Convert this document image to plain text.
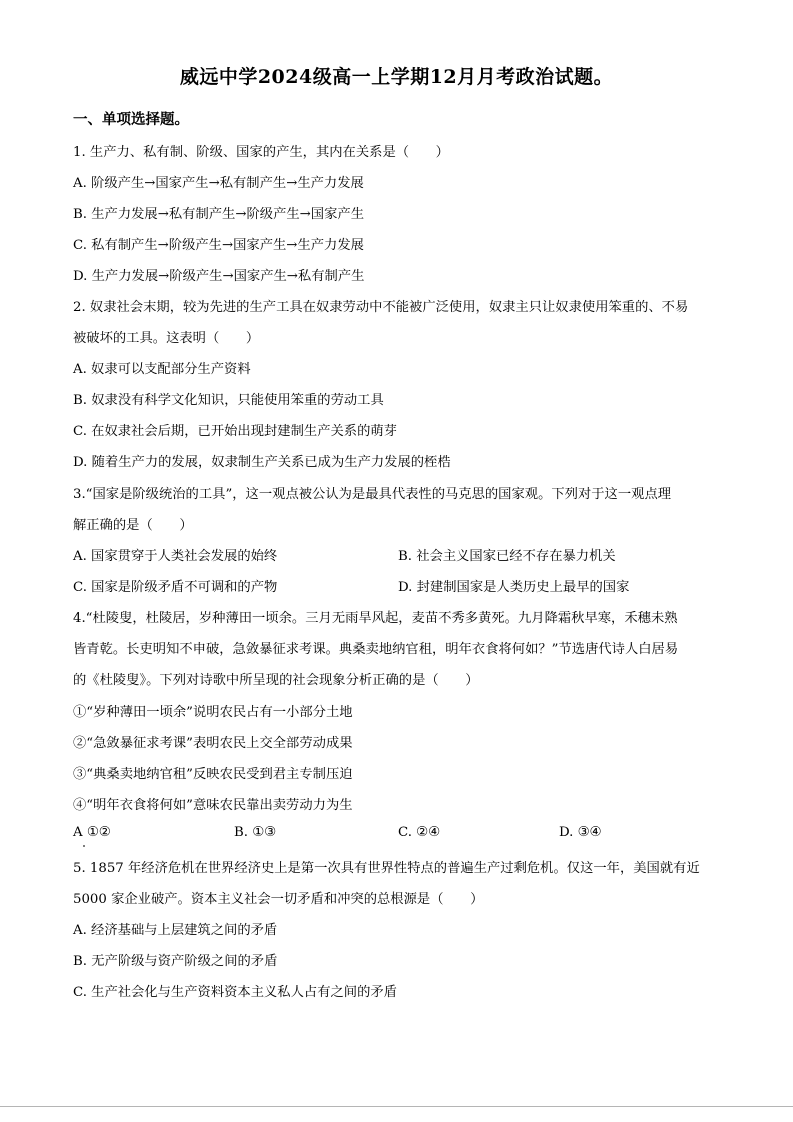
威远中学2024级高一上学期12月月考政治试题。
一、单项选择题。
1. 生产力、私有制、阶级、国家的产生，其内在关系是（　　）
A. 阶级产生→国家产生→私有制产生→生产力发展
B. 生产力发展→私有制产生→阶级产生→国家产生
C. 私有制产生→阶级产生→国家产生→生产力发展
D. 生产力发展→阶级产生→国家产生→私有制产生
2. 奴隶社会末期，较为先进的生产工具在奴隶劳动中不能被广泛使用，奴隶主只让奴隶使用笨重的、不易
被破坏的工具。这表明（　　）
A. 奴隶可以支配部分生产资料
B. 奴隶没有科学文化知识，只能使用笨重的劳动工具
C. 在奴隶社会后期，已开始出现封建制生产关系的萌芽
D. 随着生产力的发展，奴隶制生产关系已成为生产力发展的桎梏
3.“国家是阶级统治的工具”，这一观点被公认为是最具代表性的马克思的国家观。下列对于这一观点理
解正确的是（　　）
A. 国家贯穿于人类社会发展的始终	B. 社会主义国家已经不存在暴力机关
C. 国家是阶级矛盾不可调和的产物	D. 封建制国家是人类历史上最早的国家
4.“杜陵叟，杜陵居，岁种薄田一顷余。三月无雨旱风起，麦苗不秀多黄死。九月降霜秋早寒，禾穗未熟
皆青乾。长吏明知不申破，急敛暴征求考课。典桑卖地纳官租，明年衣食将何如？”节选唐代诗人白居易
的《杜陵叟》。下列对诗歌中所呈现的社会现象分析正确的是（　　）
①“岁种薄田一顷余”说明农民占有一小部分土地
②“急敛暴征求考课”表明农民上交全部劳动成果
③“典桑卖地纳官租”反映农民受到君主专制压迫
④“明年衣食将何如”意味农民靠出卖劳动力为生
A ①②	B. ①③	C. ②④	D. ③④
5. 1857 年经济危机在世界经济史上是第一次具有世界性特点的普遍生产过剩危机。仅这一年，美国就有近
5000 家企业破产。资本主义社会一切矛盾和冲突的总根源是（　　）
A. 经济基础与上层建筑之间的矛盾
B. 无产阶级与资产阶级之间的矛盾
C. 生产社会化与生产资料资本主义私人占有之间的矛盾
